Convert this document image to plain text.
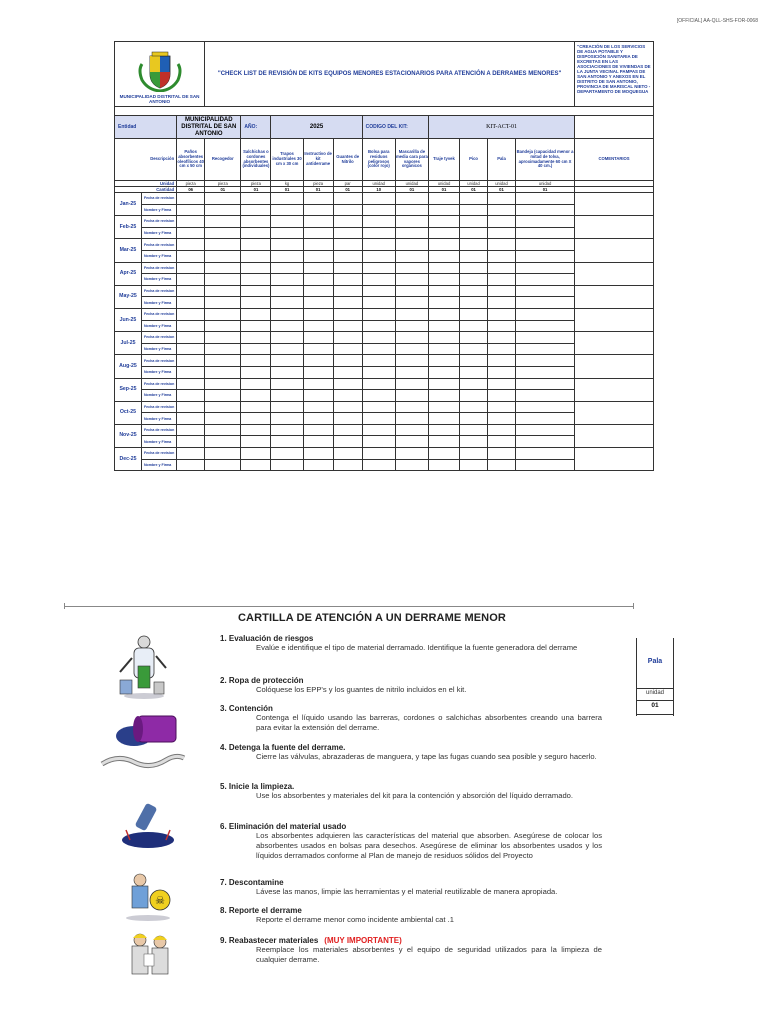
[OFFICIAL] AA-QLL-SHS-FOR-0068
MUNICIPALIDAD DISTRITAL DE SAN ANTONIO			"CHECK LIST DE REVISIÓN DE KITS EQUIPOS MENORES ESTACIONARIOS PARA ATENCIÓN A DERRAMES MENORES"											"CREACIÓN DE LOS SERVICIOS DE AGUA POTABLE Y DISPOSICIÓN SANITARIA DE EXCRETAS EN LAS ASOCIACIONES DE VIVIENDAS DE LA JUNTA VECINAL PAMPAS DE SAN ANTONIO Y ANEXOS EN EL DISTRITO DE SAN ANTONIO, PROVINCIA DE MARISCAL NIETO - DEPARTAMENTO DE MOQUEGUA

Entidad		MUNICIPALIDAD DISTRITAL DE SAN ANTONIO		AÑO:	2025			CODIGO DEL KIT:		KIT-ACT-01				
Descripción		Paños absorbentes oleofílicos 40 cm x 50 cm	Recogedor	Salchichas o cordones absorbentes (individuales)	Trapos industriales 30 cm x 30 cm	Instructivo de kit antiderrame	Guantes de Nitrilo	Bolsa para residuos peligrosos (color rojo)	Mascarilla de media cara para vapores orgánicos	Traje tyvek	Pico	Pala	Bandeja (capacidad menor a mitad de tolva, aproximadamente 60 cm X 40 cm.)	COMENTARIOS
Unidad		pieza	pieza	pieza	kg	pieza	par	unidad	unidad	unidad	unidad	unidad	unidad	
Cantidad		06	01	01	01	01	01	10	01	01	01	01	01	
Jan-25	Fecha de revision													
	Nombre y Firma													
Feb-25	Fecha de revision													
	Nombre y Firma													
Mar-25	Fecha de revision													
	Nombre y Firma													
Apr-25	Fecha de revision													
	Nombre y Firma													
May-25	Fecha de revision													
	Nombre y Firma													
Jun-25	Fecha de revision													
	Nombre y Firma													
Jul-25	Fecha de revision													
	Nombre y Firma													
Aug-25	Fecha de revision													
	Nombre y Firma													
Sep-25	Fecha de revision													
	Nombre y Firma													
Oct-25	Fecha de revision													
	Nombre y Firma													
Nov-25	Fecha de revision													
	Nombre y Firma													
Dec-25	Fecha de revision													
	Nombre y Firma													
CARTILLA DE ATENCIÓN A UN DERRAME MENOR
1. Evaluación de riesgos
Evalúe e identifique el tipo de material derramado. Identifique la fuente generadora del derrame
2. Ropa de protección
Colóquese los EPP's y los guantes de nitrilo incluidos en el kit.
3. Contención
Contenga el líquido usando las barreras, cordones o salchichas absorbentes creando una barrera para evitar la extensión del derrame.
4. Detenga la fuente del derrame.
Cierre las válvulas, abrazaderas de manguera, y tape las fugas cuando sea posible y seguro hacerlo.
5. Inicie la limpieza.
Use los absorbentes y materiales del kit para la contención y absorción del líquido derramado.
6. Eliminación del material usado
Los absorbentes adquieren las características del material que absorben. Asegúrese de colocar los absorbentes usados en bolsas para desechos. Asegúrese de eliminar los absorbentes usados y los líquidos derramados conforme al Plan de manejo de residuos sólidos del Proyecto
7. Descontamine
Lávese las manos, limpie las herramientas y el material reutilizable de manera apropiada.
8. Reporte el derrame
Reporte el derrame menor como incidente ambiental cat .1
9. Reabastecer materiales (MUY IMPORTANTE)
Reemplace los materiales absorbentes y el equipo de seguridad utilizados para la limpieza de cualquier derrame.
☠
Pala
unidad
01
